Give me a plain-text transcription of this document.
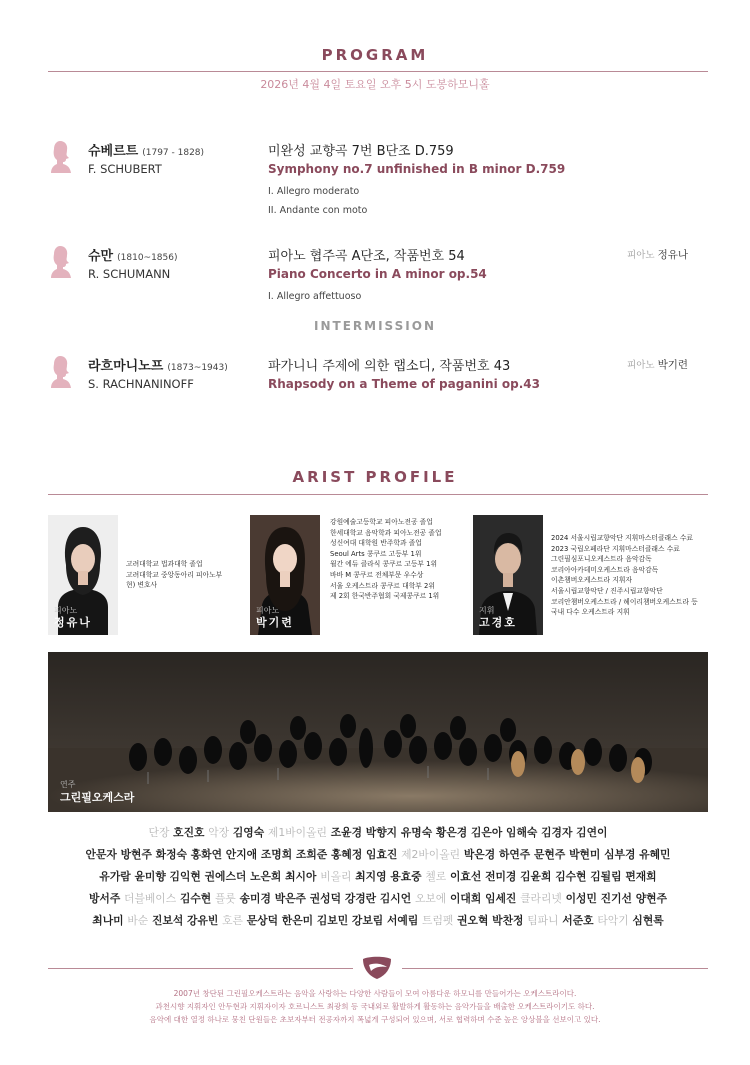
PROGRAM
2026년 4월 4일 토요일 오후 5시 도봉하모니홀
슈베르트 (1797 - 1828)
F. SCHUBERT
미완성 교향곡 7번 B단조 D.759
Symphony no.7 unfinished in B minor D.759
I. Allegro moderato
II. Andante con moto
슈만 (1810~1856)
R. SCHUMANN
피아노 협주곡 A단조, 작품번호 54
Piano Concerto in A minor op.54
I. Allegro affettuoso
피아노 정유나
INTERMISSION
라흐마니노프 (1873~1943)
S. RACHNANINOFF
파가니니 주제에 의한 랩소디, 작품번호 43
Rhapsody on a Theme of paganini op.43
피아노 박기련
ARIST PROFILE
피아노
정유나
고려대학교 법과대학 졸업
고려대학교 중앙동아리 피아노부
현) 변호사
피아노
박기련
강원예술고등학교 피아노전공 졸업
한세대학교 음악학과 피아노전공 졸업
성신여대 대학원 반주학과 졸업
Seoul Arts 콩쿠르 고등부 1위
월간 에듀 클라식 콩쿠르 고등부 1위
바바 M 콩쿠르 전체부문 우수상
서울 오케스트라 콩쿠르 대학부 2위
제 2회 한국반주협회 국제콩쿠르 1위
지휘
고경호
2024 서울시립교향악단 지휘마스터클래스 수료
2023 국립오페라단 지휘마스터클래스 수료
그린필심포니오케스트라 음악감독
코리아아카데미오케스트라 음악감독
이촌챔버오케스트라 지휘자
서울시립교향악단 / 진주시립교향악단
코리안챔버오케스트라 / 헤이리챔버오케스트라 등
국내 다수 오케스트라 지휘
연주
그린필오케스라

단장 호진호 악장 김영숙 제1바이올린 조윤경 박향지 유명숙 황은경 김은아 임해숙 김경자 김연이

안문자 방현주 화정숙 홍화연 안지애 조명희 조희준 홍혜정 임효진 제2바이올린 박은경 하연주 문현주 박현미 심부경 유혜민

유가람 윤미향 김익현 권에스더 노은희 최시아 비올리 최지영 용효중 첼로 이효선 전미경 김윤희 김수현 김될림 편재희

방서주 더블베이스 김수현 플룻 송미경 박은주 권성덕 강경란 김시언 오보에 이대희 임세진 클라리넷 이성민 진기선 양현주

최나미 바순 진보석 강유빈 호른 문상덕 한은미 김보민 강보림 서예림 트럼펫 권오혁 박찬정 팀파니 서준호 타악기 심현록

2007년 창단된 그린필오케스트라는 음악을 사랑하는 다양한 사람들이 모여 아름다운 하모니를 만들어가는 오케스트라이다.
과천시향 지휘자인 안두현과 지휘자이자 호르니스트 최광희 등 국내외로 활발하게 활동하는 음악가들을 배출한 오케스트라이기도 하다.
음악에 대한 열정 하나로 뭉친 단원들은 초보자부터 전공자까지 폭넓게 구성되어 있으며, 서로 협력하며 수준 높은 앙상블을 선보이고 있다.
